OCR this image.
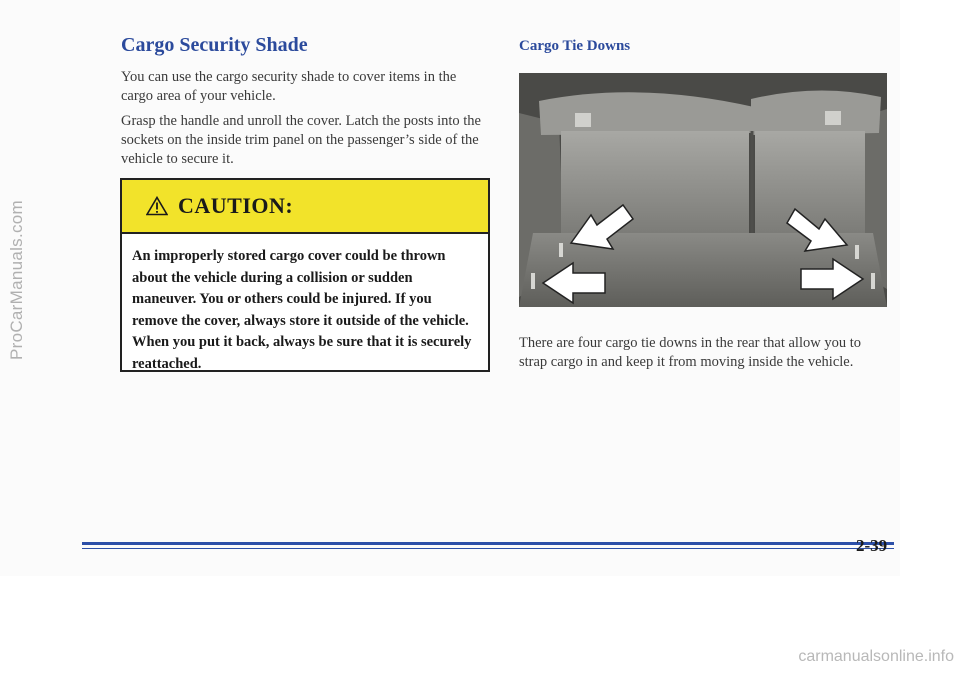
ProCarManuals.com
Cargo Security Shade

You can use the cargo security shade to cover items in the cargo area of your vehicle.

Grasp the handle and unroll the cover. Latch the posts into the sockets on the inside trim panel on the passenger’s side of the vehicle to secure it.

CAUTION:

An improperly stored cargo cover could be thrown about the vehicle during a collision or sudden maneuver. You or others could be injured. If you remove the cover, always store it outside of the vehicle. When you put it back, always be sure that it is securely reattached.

Cargo Tie Downs

There are four cargo tie downs in the rear that allow you to strap cargo in and keep it from moving inside the vehicle.

2-39

carmanualsonline.info
